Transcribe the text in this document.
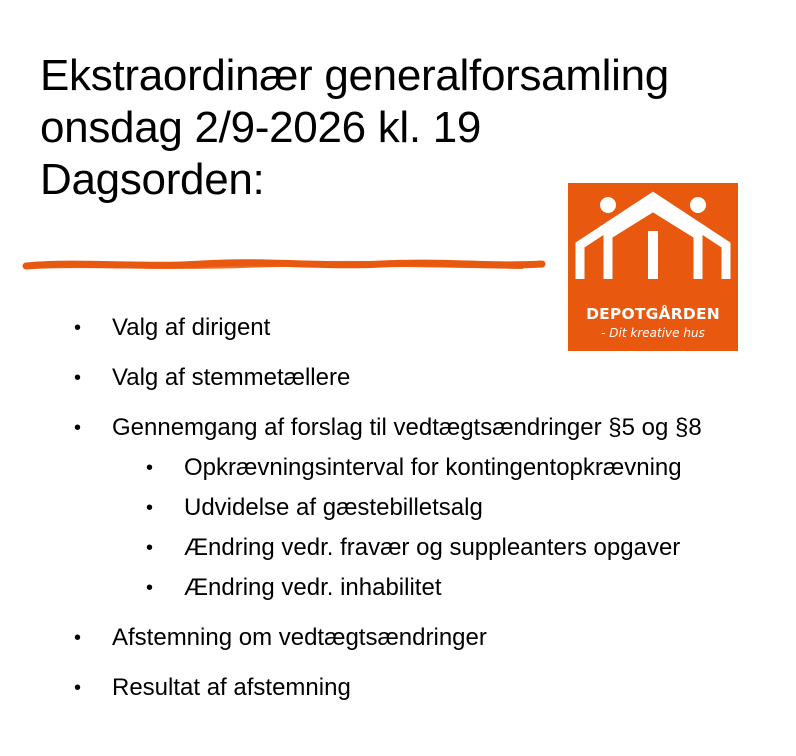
Ekstraordinær generalforsamling
onsdag 2/9-2026 kl. 19
Dagsorden:
DEPOTGÅRDEN
- Dit kreative hus
• Valg af dirigent
• Valg af stemmetællere
• Gennemgang af forslag til vedtægtsændringer §5 og §8
• Opkrævningsinterval for kontingentopkrævning
• Udvidelse af gæstebilletsalg
• Ændring vedr. fravær og suppleanters opgaver
• Ændring vedr. inhabilitet
• Afstemning om vedtægtsændringer
• Resultat af afstemning
